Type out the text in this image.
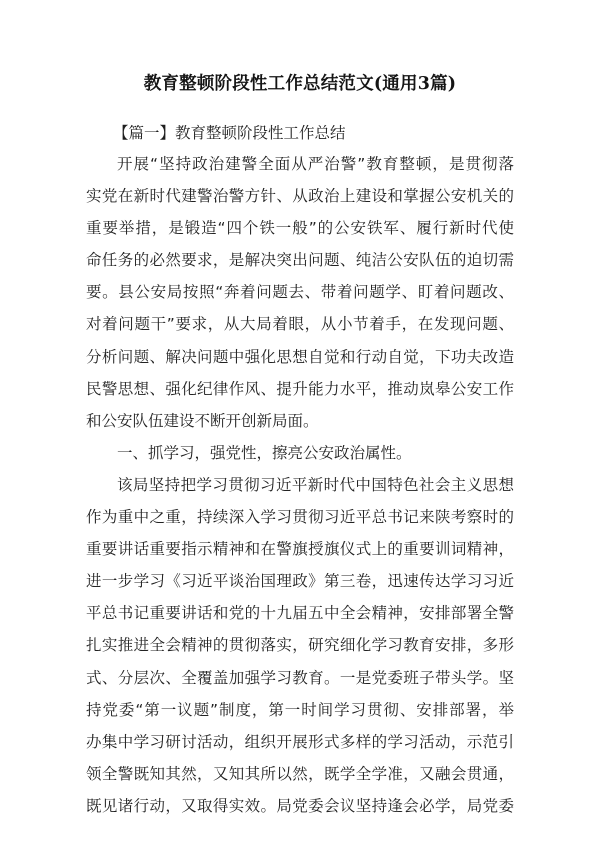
教育整顿阶段性工作总结范文(通用3篇)
【篇一】教育整顿阶段性工作总结
开展“坚持政治建警全面从严治警”教育整顿，是贯彻落
实党在新时代建警治警方针、从政治上建设和掌握公安机关的
重要举措，是锻造“四个铁一般”的公安铁军、履行新时代使
命任务的必然要求，是解决突出问题、纯洁公安队伍的迫切需
要。县公安局按照“奔着问题去、带着问题学、盯着问题改、
对着问题干”要求，从大局着眼，从小节着手，在发现问题、
分析问题、解决问题中强化思想自觉和行动自觉，下功夫改造
民警思想、强化纪律作风、提升能力水平，推动岚皋公安工作
和公安队伍建设不断开创新局面。
一、抓学习，强党性，擦亮公安政治属性。
该局坚持把学习贯彻习近平新时代中国特色社会主义思想
作为重中之重，持续深入学习贯彻习近平总书记来陕考察时的
重要讲话重要指示精神和在警旗授旗仪式上的重要训词精神，
进一步学习《习近平谈治国理政》第三卷，迅速传达学习习近
平总书记重要讲话和党的十九届五中全会精神，安排部署全警
扎实推进全会精神的贯彻落实，研究细化学习教育安排，多形
式、分层次、全覆盖加强学习教育。一是党委班子带头学。坚
持党委“第一议题”制度，第一时间学习贯彻、安排部署，举
办集中学习研讨活动，组织开展形式多样的学习活动，示范引
领全警既知其然，又知其所以然，既学全学准，又融会贯通，
既见诸行动，又取得实效。局党委会议坚持逢会必学，局党委
